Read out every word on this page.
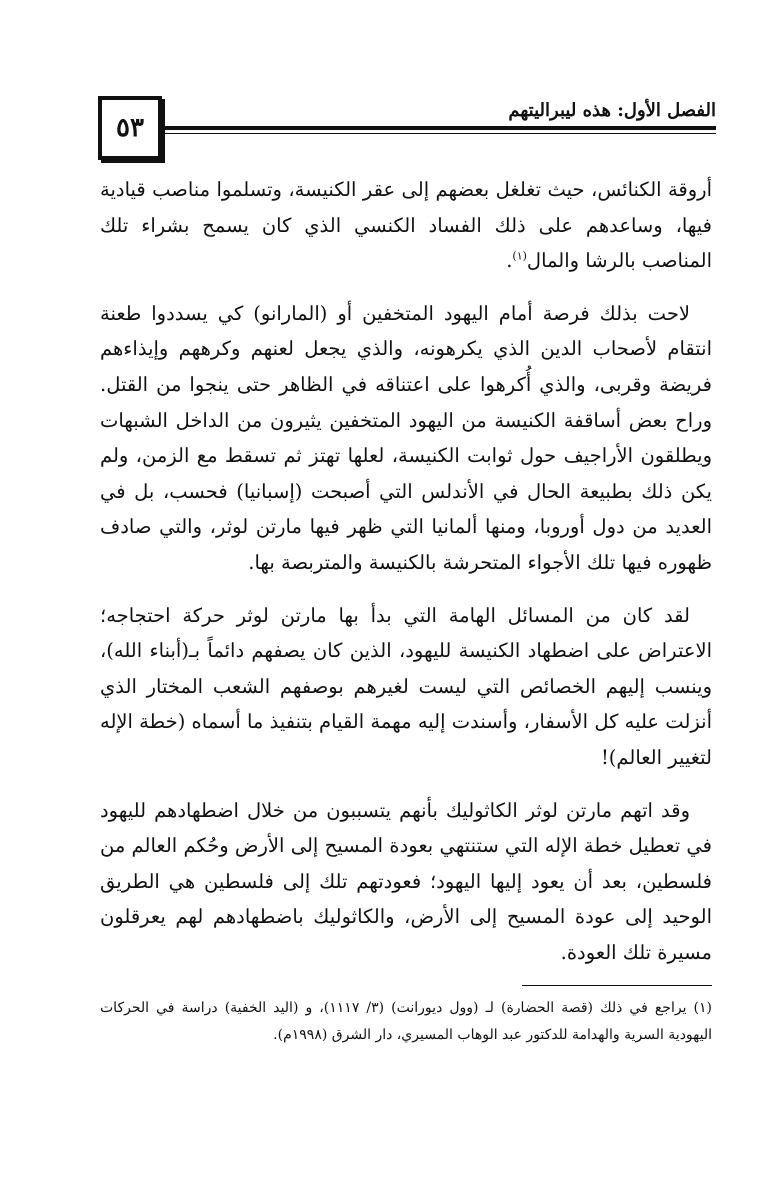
٥٣
الفصل الأول: هذه ليبراليتهم

أروقة الكنائس، حيث تغلغل بعضهم إلى عقر الكنيسة، وتسلموا مناصب قيادية فيها، وساعدهم على ذلك الفساد الكنسي الذي كان يسمح بشراء تلك المناصب بالرشا والمال$^{(١)}$.

لاحت بذلك فرصة أمام اليهود المتخفين أو (المارانو) كي يسددوا طعنة انتقام لأصحاب الدين الذي يكرهونه، والذي يجعل لعنهم وكرههم وإيذاءهم فريضة وقربى، والذي أُكرهوا على اعتناقه في الظاهر حتى ينجوا من القتل. وراح بعض أساقفة الكنيسة من اليهود المتخفين يثيرون من الداخل الشبهات ويطلقون الأراجيف حول ثوابت الكنيسة، لعلها تهتز ثم تسقط مع الزمن، ولم يكن ذلك بطبيعة الحال في الأندلس التي أصبحت (إسبانيا) فحسب، بل في العديد من دول أوروبا، ومنها ألمانيا التي ظهر فيها مارتن لوثر، والتي صادف ظهوره فيها تلك الأجواء المتحرشة بالكنيسة والمتربصة بها.

لقد كان من المسائل الهامة التي بدأ بها مارتن لوثر حركة احتجاجه؛ الاعتراض على اضطهاد الكنيسة لليهود، الذين كان يصفهم دائماً بـ(أبناء الله)، وينسب إليهم الخصائص التي ليست لغيرهم بوصفهم الشعب المختار الذي أنزلت عليه كل الأسفار، وأسندت إليه مهمة القيام بتنفيذ ما أسماه (خطة الإله لتغيير العالم)!

وقد اتهم مارتن لوثر الكاثوليك بأنهم يتسببون من خلال اضطهادهم لليهود في تعطيل خطة الإله التي ستنتهي بعودة المسيح إلى الأرض وحُكم العالم من فلسطين، بعد أن يعود إليها اليهود؛ فعودتهم تلك إلى فلسطين هي الطريق الوحيد إلى عودة المسيح إلى الأرض، والكاثوليك باضطهادهم لهم يعرقلون مسيرة تلك العودة.

(١) يراجع في ذلك (قصة الحضارة) لـ (وول ديورانت) (٣/ ١١١٧)، و (اليد الخفية) دراسة في الحركات اليهودية السرية والهدامة للدكتور عبد الوهاب المسيري، دار الشرق (١٩٩٨م).
